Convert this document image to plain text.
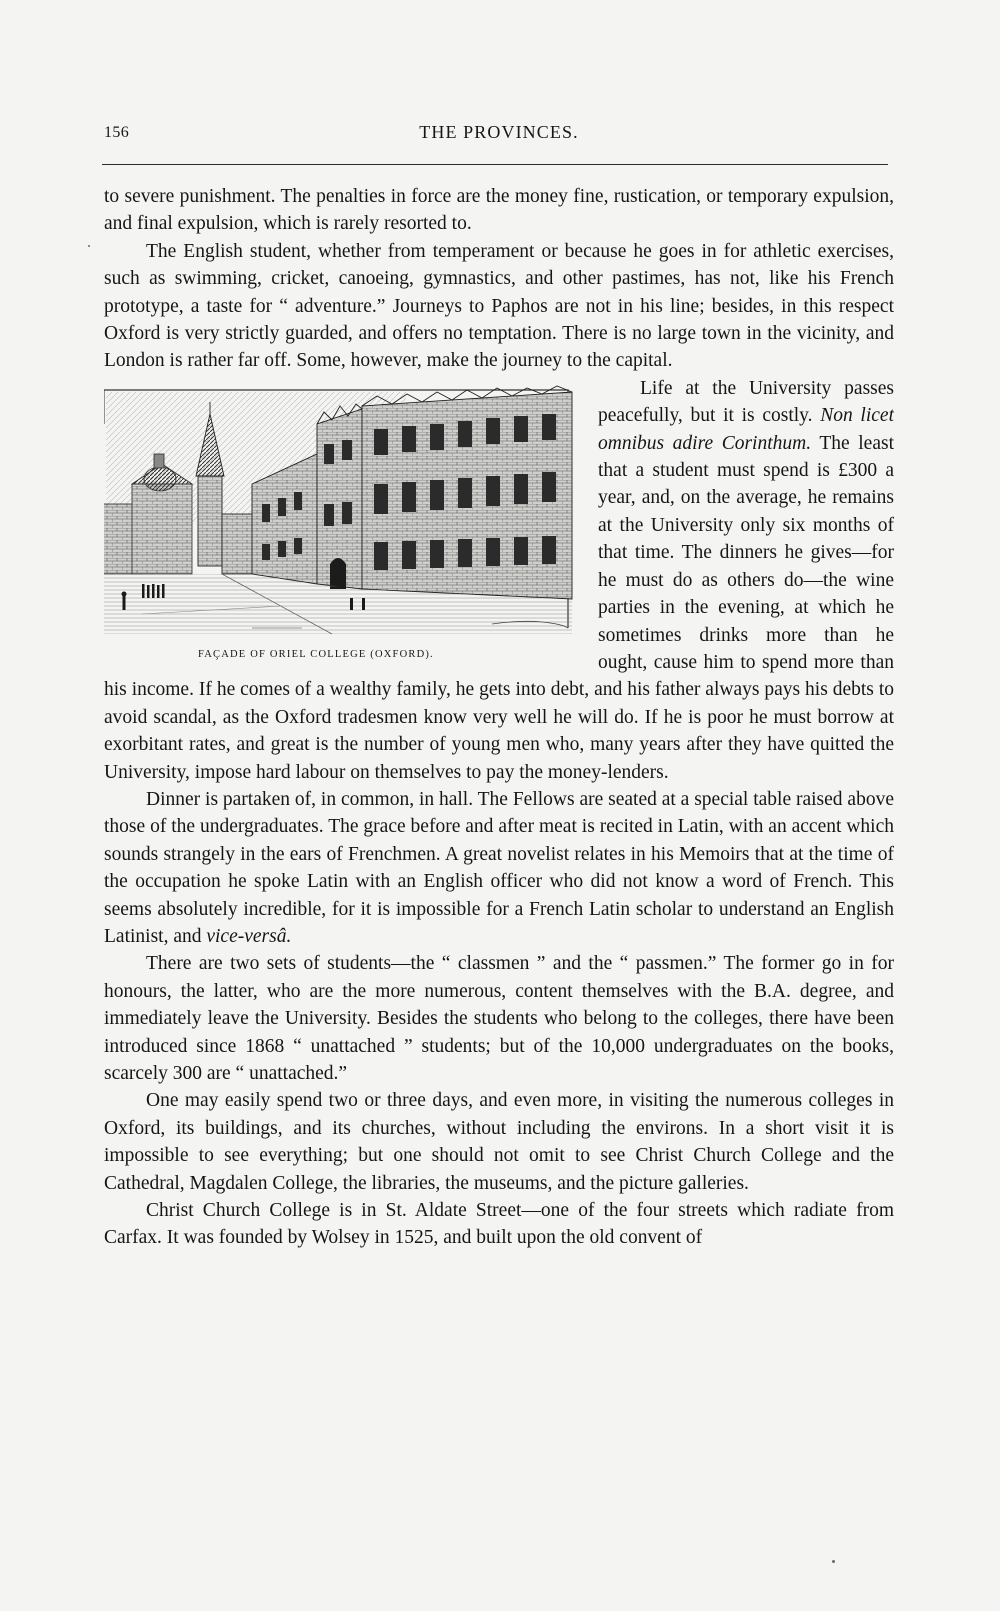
156	THE PROVINCES.

to severe punishment. The penalties in force are the money fine, rustication, or temporary expulsion, and final expulsion, which is rarely resorted to.

The English student, whether from temperament or because he goes in for athletic exercises, such as swimming, cricket, canoeing, gymnastics, and other pastimes, has not, like his French prototype, a taste for “ adventure.” Journeys to Paphos are not in his line; besides, in this respect Oxford is very strictly guarded, and offers no temptation. There is no large town in the vicinity, and London is rather far off. Some, however, make the journey to the capital.

FAÇADE OF ORIEL COLLEGE (OXFORD).

Life at the University passes peacefully, but it is costly. Non licet omnibus adire Corinthum. The least that a student must spend is £300 a year, and, on the average, he remains at the University only six months of that time. The dinners he gives—for he must do as others do—the wine parties in the evening, at which he sometimes drinks more than he ought, cause him to spend more than his income. If he comes of a wealthy family, he gets into debt, and his father always pays his debts to avoid scandal, as the Oxford tradesmen know very well he will do. If he is poor he must borrow at exorbitant rates, and great is the number of young men who, many years after they have quitted the University, impose hard labour on themselves to pay the money-lenders.

Dinner is partaken of, in common, in hall. The Fellows are seated at a special table raised above those of the undergraduates. The grace before and after meat is recited in Latin, with an accent which sounds strangely in the ears of Frenchmen. A great novelist relates in his Memoirs that at the time of the occupation he spoke Latin with an English officer who did not know a word of French. This seems absolutely incredible, for it is impossible for a French Latin scholar to understand an English Latinist, and vice-versâ.

There are two sets of students—the “ classmen ” and the “ passmen.” The former go in for honours, the latter, who are the more numerous, content themselves with the B.A. degree, and immediately leave the University. Besides the students who belong to the colleges, there have been introduced since 1868 “ unattached ” students; but of the 10,000 undergraduates on the books, scarcely 300 are “ unattached.”

One may easily spend two or three days, and even more, in visiting the numerous colleges in Oxford, its buildings, and its churches, without including the environs. In a short visit it is impossible to see everything; but one should not omit to see Christ Church College and the Cathedral, Magdalen College, the libraries, the museums, and the picture galleries.

Christ Church College is in St. Aldate Street—one of the four streets which radiate from Carfax. It was founded by Wolsey in 1525, and built upon the old convent of
